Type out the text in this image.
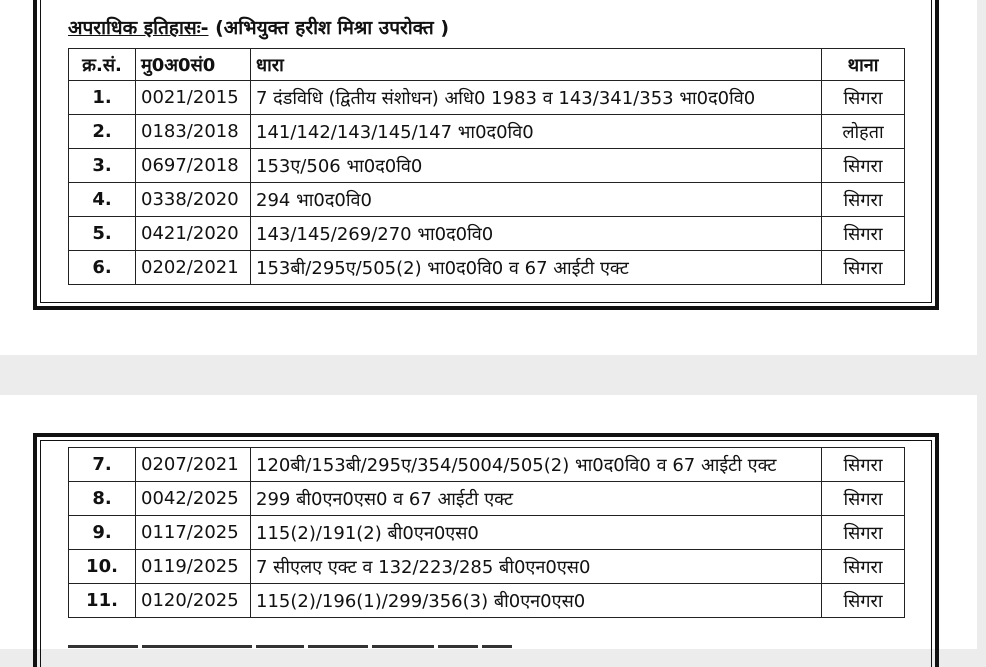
अपराधिक इतिहासः- (अभियुक्त हरीश मिश्रा उपरोक्त )
क्र.सं.	मु0अ0सं0	धारा	थाना
1.	0021/2015	7 दंडविधि (द्वितीय संशोधन) अधि0 1983 व 143/341/353 भा0द0वि0	सिगरा
2.	0183/2018	141/142/143/145/147 भा0द0वि0	लोहता
3.	0697/2018	153ए/506 भा0द0वि0	सिगरा
4.	0338/2020	294 भा0द0वि0	सिगरा
5.	0421/2020	143/145/269/270 भा0द0वि0	सिगरा
6.	0202/2021	153बी/295ए/505(2) भा0द0वि0 व 67 आईटी एक्ट	सिगरा
7.	0207/2021	120बी/153बी/295ए/354/5004/505(2) भा0द0वि0 व 67 आईटी एक्ट	सिगरा
8.	0042/2025	299 बी0एन0एस0 व 67 आईटी एक्ट	सिगरा
9.	0117/2025	115(2)/191(2) बी0एन0एस0	सिगरा
10.	0119/2025	7 सीएलए एक्ट व 132/223/285 बी0एन0एस0	सिगरा
11.	0120/2025	115(2)/196(1)/299/356(3) बी0एन0एस0	सिगरा
